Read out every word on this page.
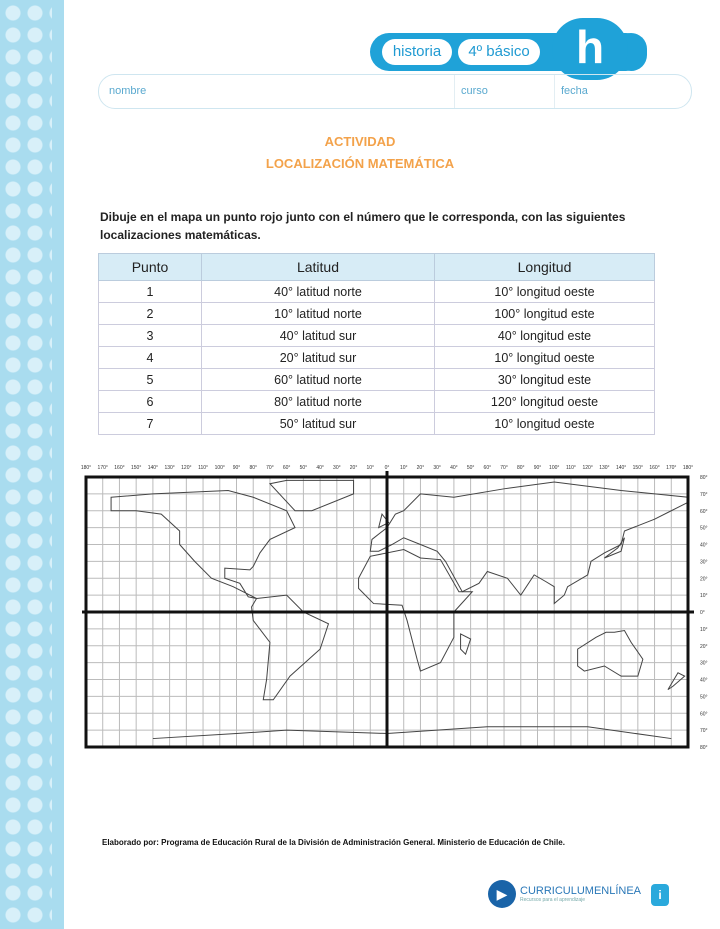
historia	4º básico	h
nombre	curso	fecha
ACTIVIDAD
LOCALIZACIÓN MATEMÁTICA
Dibuje en el mapa un punto rojo junto con el número que le corresponda, con las siguientes localizaciones matemáticas.
Punto	Latitud	Longitud
1	40° latitud norte	10° longitud oeste
2	10° latitud norte	100° longitud este
3	40° latitud sur	40° longitud este
4	20° latitud sur	10° longitud oeste
5	60° latitud norte	30° longitud este
6	80° latitud norte	120° longitud oeste
7	50° latitud sur	10° longitud oeste
180° 170° 160° 150° 140° 130° 120° 110° 100° 90° 80° 70° 60° 50° 40° 30° 20° 10° 0° 10° 20° 30° 40° 50° 60° 70° 80° 90° 100° 110° 120° 130° 140° 150° 160° 170° 180°
80°
70°
60°
50°
40°
30°
20°
10°
0°
10°
20°
30°
40°
50°
60°
70°
80°
Elaborado por: Programa de Educación Rural de la División de Administración General. Ministerio de Educación de Chile.
▶	CURRICULUMENLÍNEA
Recursos para el aprendizaje	i
